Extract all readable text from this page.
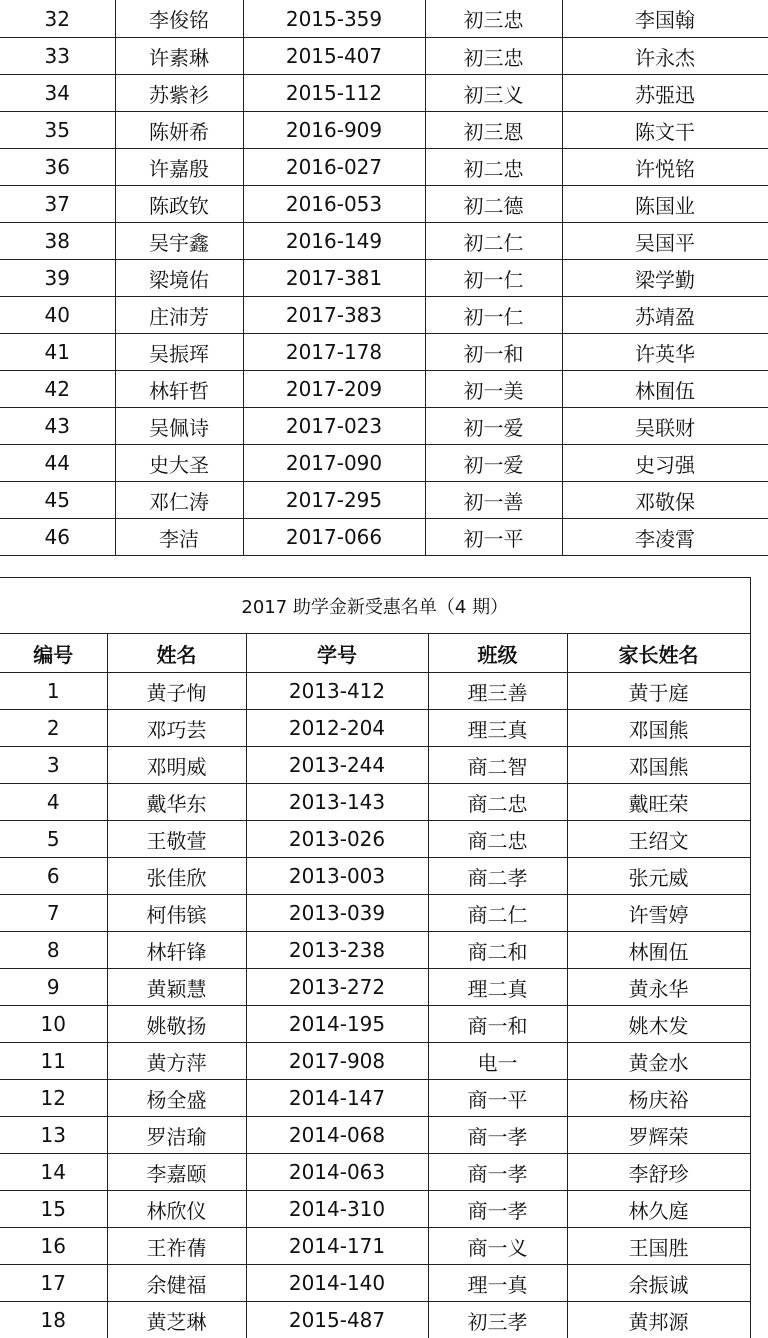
32	李俊铭	2015-359	初三忠	李国翰
33	许素琳	2015-407	初三忠	许永杰
34	苏紫衫	2015-112	初三义	苏弫迅
35	陈妍希	2016-909	初三恩	陈文干
36	许嘉殷	2016-027	初二忠	许悦铭
37	陈政钦	2016-053	初二德	陈国业
38	吴宇鑫	2016-149	初二仁	吴国平
39	梁境佑	2017-381	初一仁	梁学勤
40	庄沛芳	2017-383	初一仁	苏靖盈
41	吴振珲	2017-178	初一和	许英华
42	林轩哲	2017-209	初一美	林囿伍
43	吴佩诗	2017-023	初一爱	吴联财
44	史大圣	2017-090	初一爱	史习强
45	邓仁涛	2017-295	初一善	邓敬保
46	李洁	2017-066	初一平	李凌霄
2017 助学金新受惠名单（4 期）				
编号	姓名	学号	班级	家长姓名
1	黄子恂	2013-412	理三善	黄于庭
2	邓巧芸	2012-204	理三真	邓国熊
3	邓明威	2013-244	商二智	邓国熊
4	戴华东	2013-143	商二忠	戴旺荣
5	王敬萱	2013-026	商二忠	王绍文
6	张佳欣	2013-003	商二孝	张元威
7	柯伟镔	2013-039	商二仁	许雪婷
8	林轩锋	2013-238	商二和	林囿伍
9	黄颖慧	2013-272	理二真	黄永华
10	姚敬扬	2014-195	商一和	姚木发
11	黄方萍	2017-908	电一	黄金水
12	杨全盛	2014-147	商一平	杨庆裕
13	罗洁瑜	2014-068	商一孝	罗辉荣
14	李嘉颐	2014-063	商一孝	李舒珍
15	林欣仪	2014-310	商一孝	林久庭
16	王祚蒨	2014-171	商一义	王国胜
17	余健福	2014-140	理一真	余振诚
18	黄芝琳	2015-487	初三孝	黄邦源
